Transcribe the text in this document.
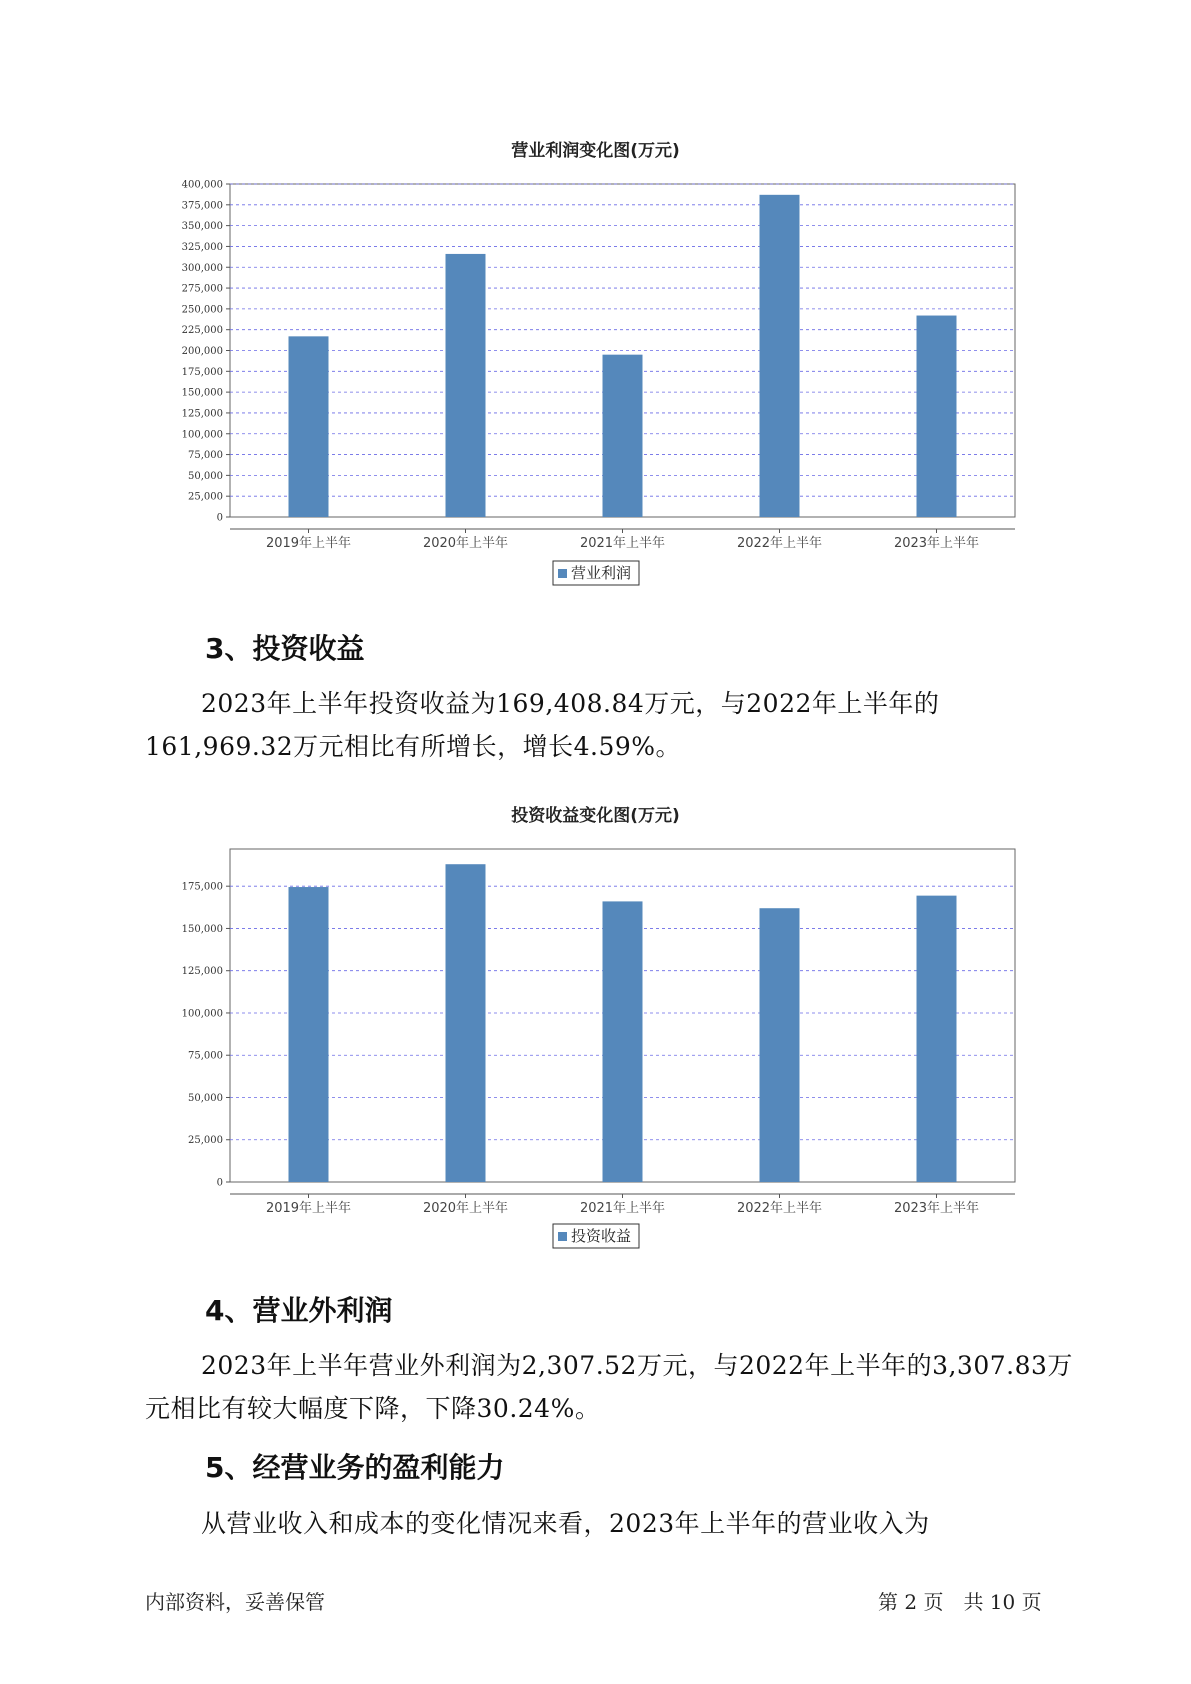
营业利润变化图(万元)
0
25,000
50,000
75,000
100,000
125,000
150,000
175,000
200,000
225,000
250,000
275,000
300,000
325,000
350,000
375,000
400,000
2019年上半年	2020年上半年	2021年上半年	2022年上半年	2023年上半年
营业利润
3、投资收益

2023年上半年投资收益为169,408.84万元，与2022年上半年的161,969.32万元相比有所增长，增长4.59%。

投资收益变化图(万元)
0
25,000
50,000
75,000
100,000
125,000
150,000
175,000
2019年上半年	2020年上半年	2021年上半年	2022年上半年	2023年上半年
投资收益
4、营业外利润

2023年上半年营业外利润为2,307.52万元，与2022年上半年的3,307.83万元相比有较大幅度下降，下降30.24%。

5、经营业务的盈利能力

从营业收入和成本的变化情况来看，2023年上半年的营业收入为

内部资料，妥善保管	第 2 页　共 10 页
